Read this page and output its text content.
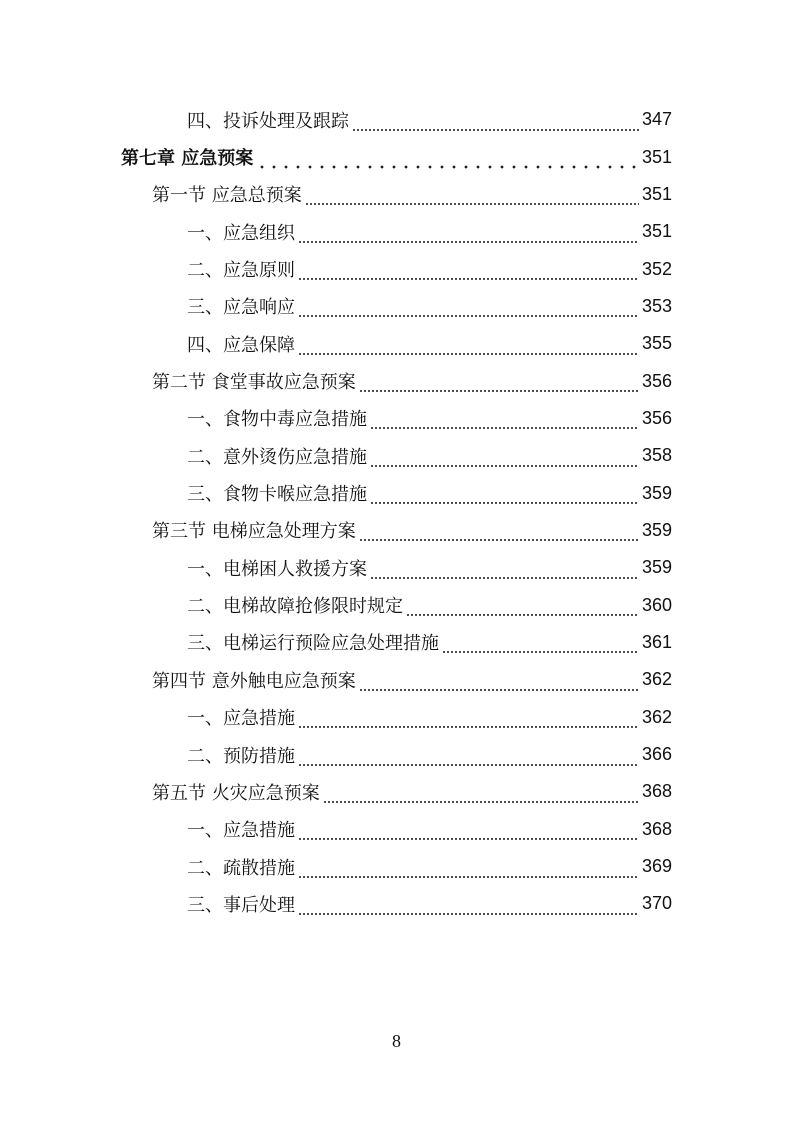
四、投诉处理及跟踪	347
第七章 应急预案	351
第一节 应急总预案	351
一、应急组织	351
二、应急原则	352
三、应急响应	353
四、应急保障	355
第二节 食堂事故应急预案	356
一、食物中毒应急措施	356
二、意外烫伤应急措施	358
三、食物卡喉应急措施	359
第三节 电梯应急处理方案	359
一、电梯困人救援方案	359
二、电梯故障抢修限时规定	360
三、电梯运行预险应急处理措施	361
第四节 意外触电应急预案	362
一、应急措施	362
二、预防措施	366
第五节 火灾应急预案	368
一、应急措施	368
二、疏散措施	369
三、事后处理	370
8
